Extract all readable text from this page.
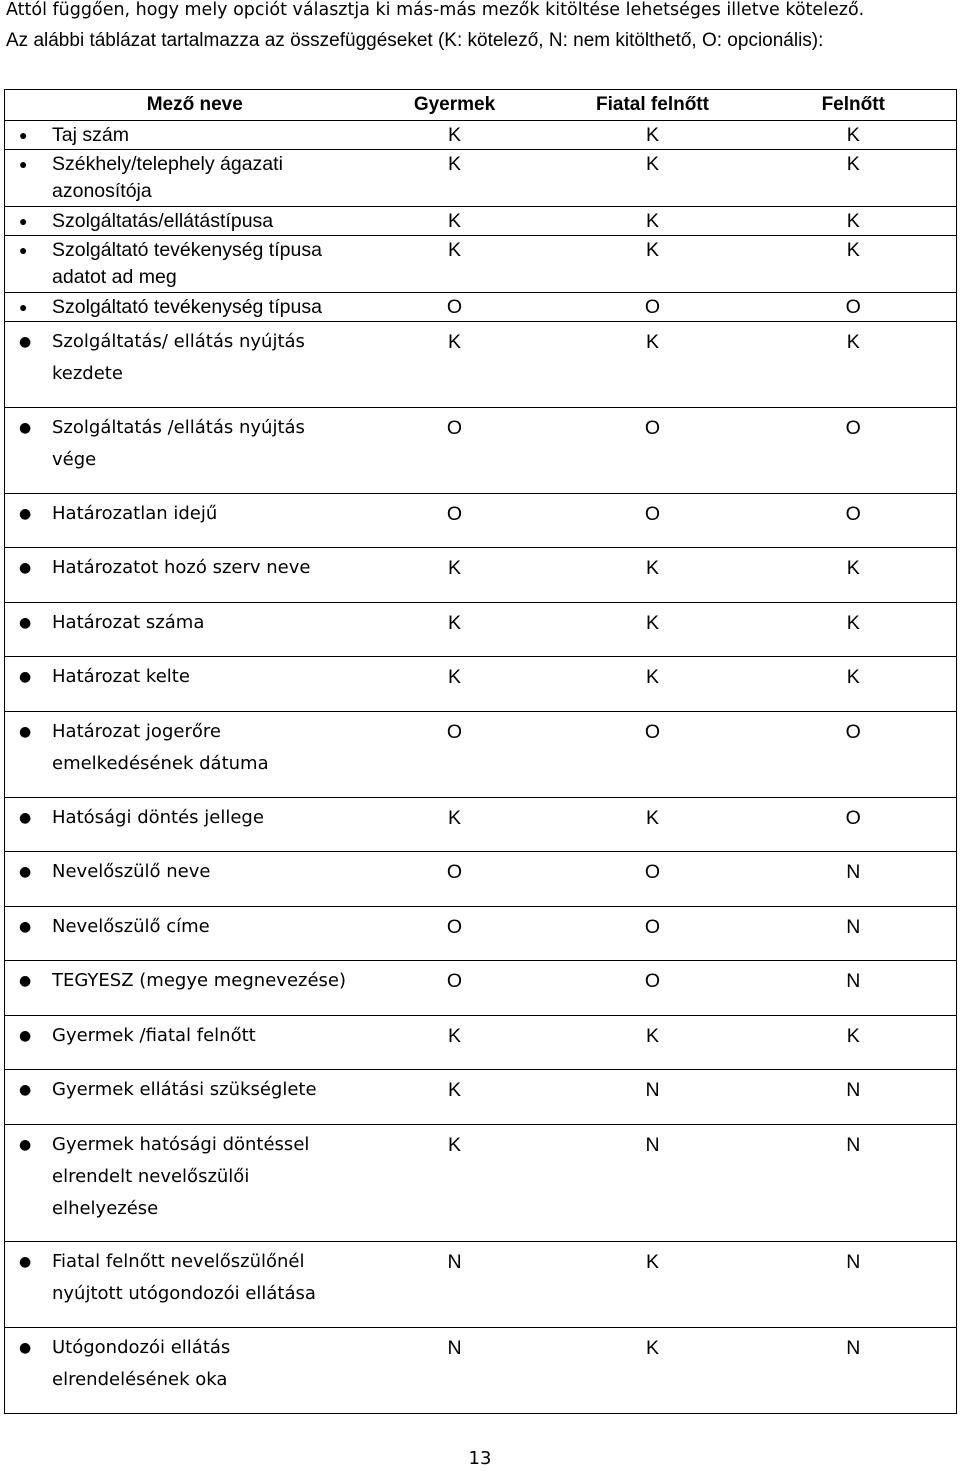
Attól függően, hogy mely opciót választja ki más-más mezők kitöltése lehetséges illetve kötelező.
Az alábbi táblázat tartalmazza az összefüggéseket (K: kötelező, N: nem kitölthető, O: opcionális):
Mező neve	Gyermek	Fiatal felnőtt	Felnőtt

● Taj szám	K	K	K

● Székhely/telephely ágazati azonosítója	K	K	K

● Szolgáltatás/ellátástípusa	K	K	K

● Szolgáltató tevékenység típusa adatot ad meg	K	K	K

● Szolgáltató tevékenység típusa	O	O	O

● Szolgáltatás/ ellátás nyújtás kezdete	K	K	K

● Szolgáltatás /ellátás nyújtás vége	O	O	O

● Határozatlan idejű	O	O	O

● Határozatot hozó szerv neve	K	K	K

● Határozat száma	K	K	K

● Határozat kelte	K	K	K

● Határozat jogerőre emelkedésének dátuma	O	O	O

● Hatósági döntés jellege	K	K	O

● Nevelőszülő neve	O	O	N

● Nevelőszülő címe	O	O	N

● TEGYESZ (megye megnevezése)	O	O	N

● Gyermek /fiatal felnőtt	K	K	K

● Gyermek ellátási szükséglete	K	N	N

● Gyermek hatósági döntéssel elrendelt nevelőszülői elhelyezése	K	N	N

● Fiatal felnőtt nevelőszülőnél nyújtott utógondozói ellátása	N	K	N

● Utógondozói ellátás elrendelésének oka	N	K	N
13
